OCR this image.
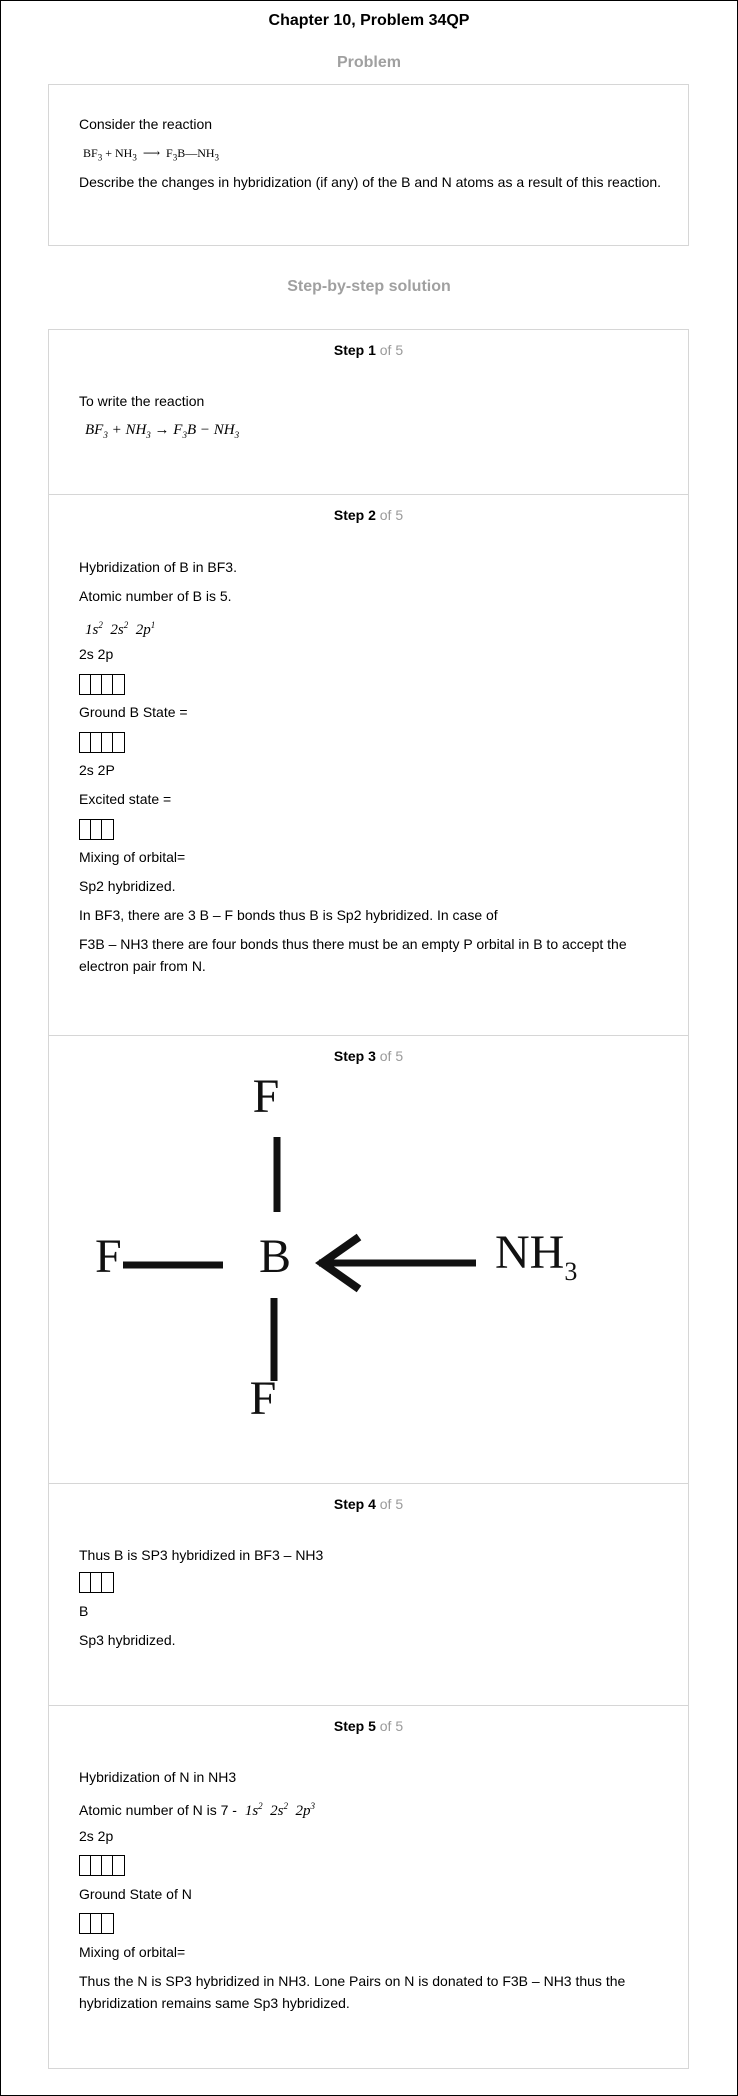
Chapter 10, Problem 34QP
Problem
Consider the reaction
$BF_3 + NH_3$ ⟶ $F_3B—NH_3$
Describe the changes in hybridization (if any) of the B and N atoms as a result of this reaction.
Step-by-step solution
Step 1 of 5
To write the reaction
$BF_3 + NH_3 \to F_3B - NH_3$
Step 2 of 5
Hybridization of B in BF3.
Atomic number of B is 5.
$1s^2$ $2s^2$ $2p^1$
2s 2p
Ground B State =
2s 2P
Excited state =
Mixing of orbital=
Sp2 hybridized.
In BF3, there are 3 B – F bonds thus B is Sp2 hybridized. In case of
F3B – NH3 there are four bonds thus there must be an empty P orbital in B to accept the electron pair from N.
Step 3 of 5
F
F	B
F
$NH_3$
Step 4 of 5
Thus B is SP3 hybridized in BF3 – NH3
B
Sp3 hybridized.
Step 5 of 5
Hybridization of N in NH3
Atomic number of N is $7 - 1s^2$ $2s^2$ $2p^3$
2s 2p
Ground State of N
Mixing of orbital=
Thus the N is SP3 hybridized in NH3. Lone Pairs on N is donated to F3B – NH3 thus the hybridization remains same Sp3 hybridized.
